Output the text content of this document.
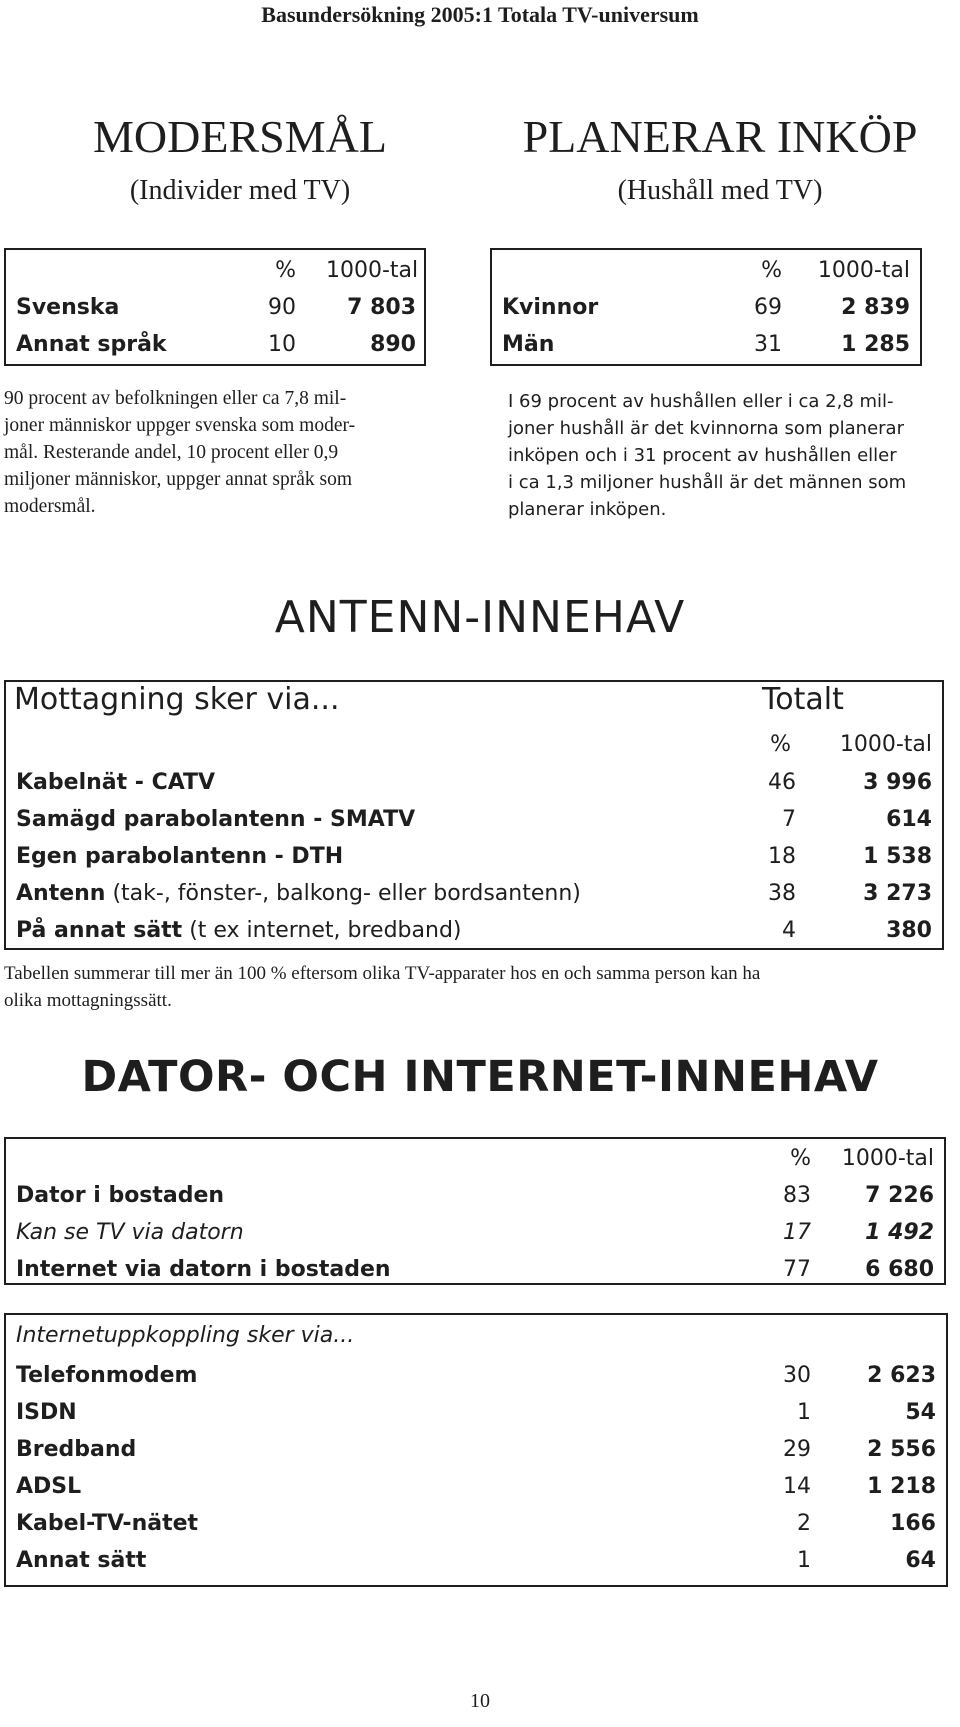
Basundersökning 2005:1 Totala TV-universum
MODERSMÅL
(Individer med TV)
% 1000-tal
Svenska	90	7 803
Annat språk	10	890
90 procent av befolkningen eller ca 7,8 mil-
joner människor uppger svenska som moder-
mål. Resterande andel, 10 procent eller 0,9
miljoner människor, uppger annat språk som
modersmål.
PLANERAR INKÖP
(Hushåll med TV)
% 1000-tal
Kvinnor	69	2 839
Män	31	1 285
I 69 procent av hushållen eller i ca 2,8 mil-
joner hushåll är det kvinnorna som planerar
inköpen och i 31 procent av hushållen eller
i ca 1,3 miljoner hushåll är det männen som
planerar inköpen.
ANTENN-INNEHAV
Mottagning sker via...	Totalt
%	1000-tal
Kabelnät - CATV	46	3 996
Samägd parabolantenn - SMATV	7	614
Egen parabolantenn - DTH	18	1 538
Antenn (tak-, fönster-, balkong- eller bordsantenn)	38	3 273
På annat sätt (t ex internet, bredband)	4	380
Tabellen summerar till mer än 100 % eftersom olika TV-apparater hos en och samma person kan ha
olika mottagningssätt.
DATOR- OCH INTERNET-INNEHAV
%	1000-tal
Dator i bostaden	83	7 226
Kan se TV via datorn	17	1 492
Internet via datorn i bostaden	77	6 680
Internetuppkoppling sker via...
Telefonmodem	30	2 623
ISDN	1	54
Bredband	29	2 556
ADSL	14	1 218
Kabel-TV-nätet	2	166
Annat sätt	1	64
10
